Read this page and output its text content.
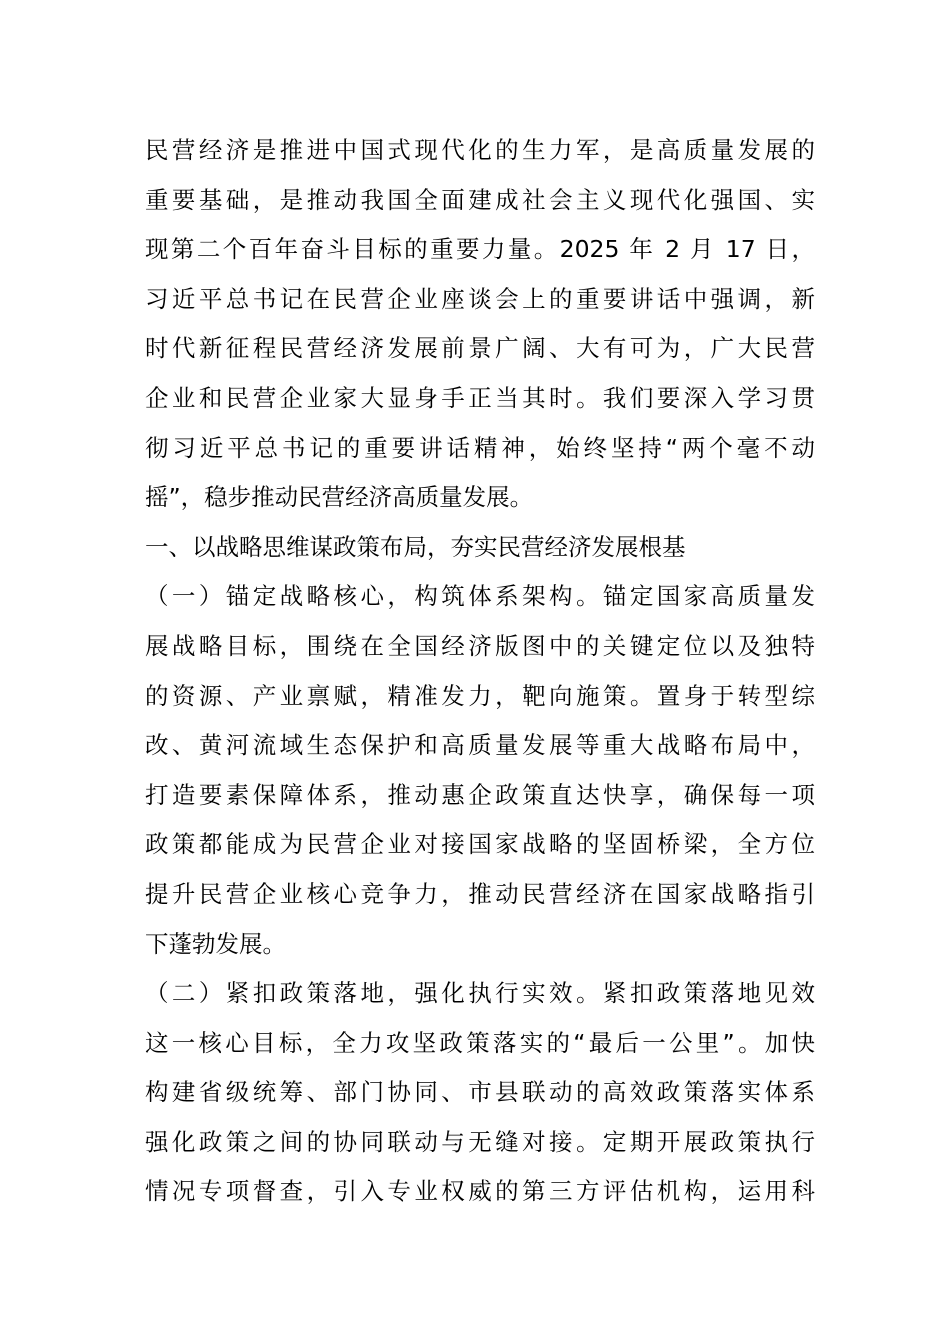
民营经济是推进中国式现代化的生力军，是高质量发展的
重要基础，是推动我国全面建成社会主义现代化强国、实
现第二个百年奋斗目标的重要力量。2025 年 2 月 17 日，
习近平总书记在民营企业座谈会上的重要讲话中强调，新
时代新征程民营经济发展前景广阔、大有可为，广大民营
企业和民营企业家大显身手正当其时。我们要深入学习贯
彻习近平总书记的重要讲话精神，始终坚持“两个毫不动
摇”，稳步推动民营经济高质量发展。
一、以战略思维谋政策布局，夯实民营经济发展根基
（一）锚定战略核心，构筑体系架构。锚定国家高质量发
展战略目标，围绕在全国经济版图中的关键定位以及独特
的资源、产业禀赋，精准发力，靶向施策。置身于转型综
改、黄河流域生态保护和高质量发展等重大战略布局中，
打造要素保障体系，推动惠企政策直达快享，确保每一项
政策都能成为民营企业对接国家战略的坚固桥梁，全方位
提升民营企业核心竞争力，推动民营经济在国家战略指引
下蓬勃发展。
（二）紧扣政策落地，强化执行实效。紧扣政策落地见效
这一核心目标，全力攻坚政策落实的“最后一公里”。加快
构建省级统筹、部门协同、市县联动的高效政策落实体系
强化政策之间的协同联动与无缝对接。定期开展政策执行
情况专项督查，引入专业权威的第三方评估机构，运用科
